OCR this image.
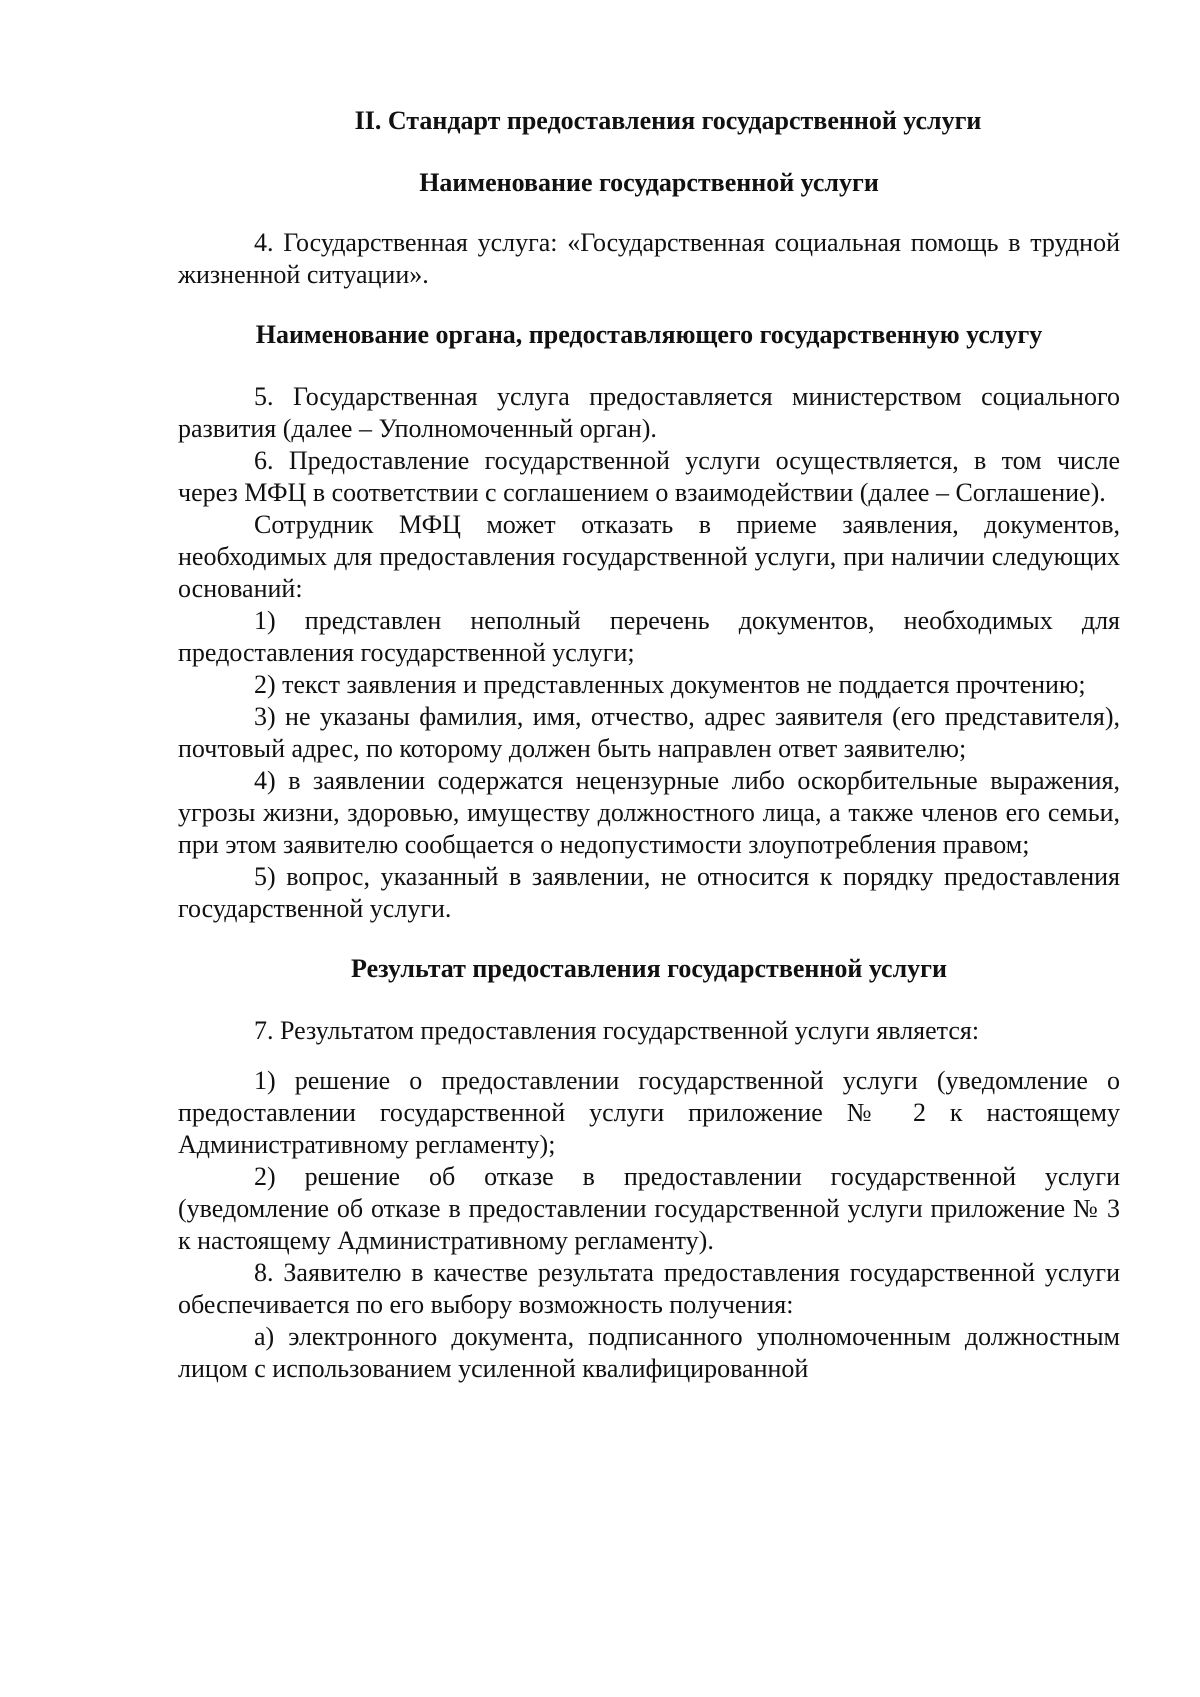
II. Стандарт предоставления государственной услуги
Наименование государственной услуги

4. Государственная услуга: «Государственная социальная помощь в трудной жизненной ситуации».

Наименование органа, предоставляющего государственную услугу

5. Государственная услуга предоставляется министерством социального развития (далее – Уполномоченный орган).

6. Предоставление государственной услуги осуществляется, в том числе через МФЦ в соответствии с соглашением о взаимодействии (далее – Соглашение).

Сотрудник МФЦ может отказать в приеме заявления, документов, необходимых для предоставления государственной услуги, при наличии следующих оснований:

1) представлен неполный перечень документов, необходимых для предоставления государственной услуги;

2) текст заявления и представленных документов не поддается прочтению;

3) не указаны фамилия, имя, отчество, адрес заявителя (его представителя), почтовый адрес, по которому должен быть направлен ответ заявителю;

4) в заявлении содержатся нецензурные либо оскорбительные выражения, угрозы жизни, здоровью, имуществу должностного лица, а также членов его семьи, при этом заявителю сообщается о недопустимости злоупотребления правом;

5) вопрос, указанный в заявлении, не относится к порядку предоставления государственной услуги.

Результат предоставления государственной услуги

7. Результатом предоставления государственной услуги является:

1) решение о предоставлении государственной услуги (уведомление о предоставлении государственной услуги приложение № 2 к настоящему Административному регламенту);

2) решение об отказе в предоставлении государственной услуги (уведомление об отказе в предоставлении государственной услуги приложение № 3 к настоящему Административному регламенту).

8. Заявителю в качестве результата предоставления государственной услуги обеспечивается по его выбору возможность получения:

а) электронного документа, подписанного уполномоченным должностным лицом с использованием усиленной квалифицированной
